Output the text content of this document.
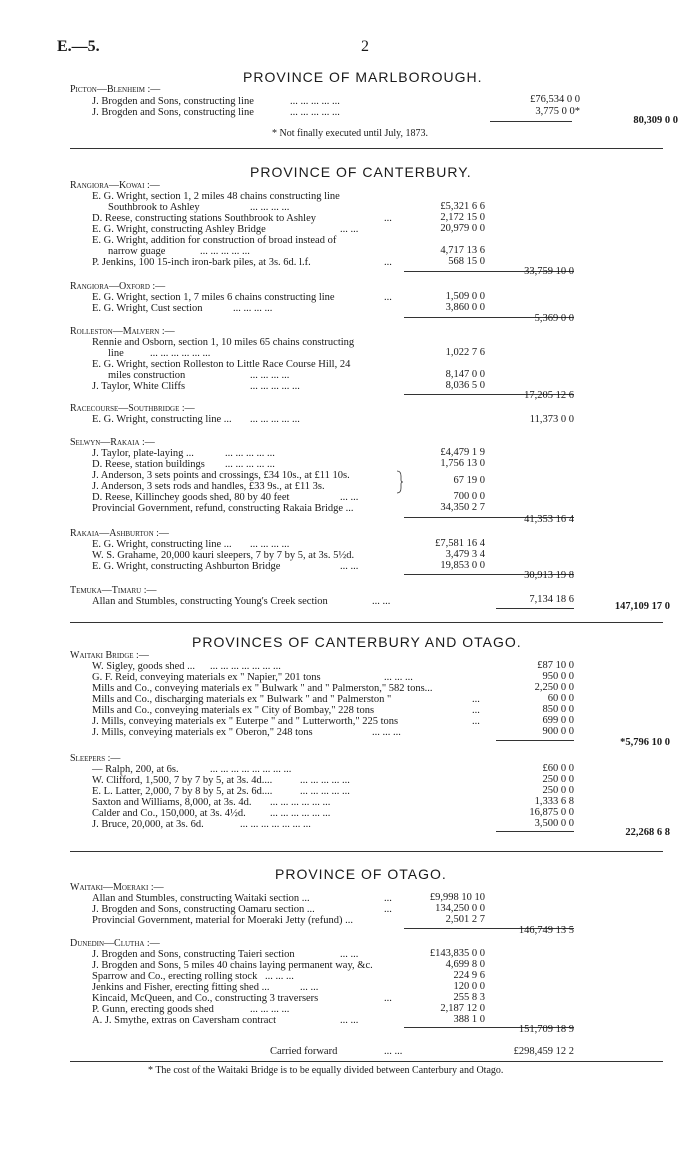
E.—5.	2
PROVINCE OF MARLBOROUGH.
Picton—Blenheim :—
J. Brogden and Sons, constructing line	... ... ... ... ...	£76,534 0 0
J. Brogden and Sons, constructing line	... ... ... ... ...	3,775 0 0*
80,309 0 0
* Not finally executed until July, 1873.
PROVINCE OF CANTERBURY.
Rangiora—Kowai :—
E. G. Wright, section 1, 2 miles 48 chains constructing line
Southbrook to Ashley	... ... ... ...	£5,321 6 6
D. Reese, constructing stations Southbrook to Ashley	...	2,172 15 0
E. G. Wright, constructing Ashley Bridge	... ...	20,979 0 0
E. G. Wright, addition for construction of broad instead of
narrow guage	... ... ... ... ...	4,717 13 6
P. Jenkins, 100 15-inch iron-bark piles, at 3s. 6d. l.f.	...	568 15 0
33,759 10 0
Rangiora—Oxford :—
E. G. Wright, section 1, 7 miles 6 chains constructing line	...	1,509 0 0
E. G. Wright, Cust section	... ... ... ...	3,860 0 0
5,369 0 0
Rolleston—Malvern :—
Rennie and Osborn, section 1, 10 miles 65 chains constructing
line	... ... ... ... ... ...	1,022 7 6
E. G. Wright, section Rolleston to Little Race Course Hill, 24
miles construction	... ... ... ...	8,147 0 0
J. Taylor, White Cliffs	... ... ... ... ...	8,036 5 0
17,205 12 6
Racecourse—Southbridge :—
E. G. Wright, constructing line ... ... ... ... ... ...	11,373 0 0
Selwyn—Rakaia :—
J. Taylor, plate-laying ...	... ... ... ... ...	£4,479 1 9
D. Reese, station buildings ... ... ... ... ...	1,756 13 0
J. Anderson, 3 sets points and crossings, £34 10s., at £11 10s.
J. Anderson, 3 sets rods and handles, £33 9s., at £11 3s.
67 19 0
D. Reese, Killinchey goods shed, 80 by 40 feet	... ...	700 0 0
Provincial Government, refund, constructing Rakaia Bridge ...	34,350 2 7
41,353 16 4
Rakaia—Ashburton :—
E. G. Wright, constructing line ... ... ... ... ...	£7,581 16 4
W. S. Grahame, 20,000 kauri sleepers, 7 by 7 by 5, at 3s. 5½d.	3,479 3 4
E. G. Wright, constructing Ashburton Bridge	... ...	19,853 0 0
30,913 19 8
Temuka—Timaru :—
Allan and Stumbles, constructing Young's Creek section	... ...	7,134 18 6
147,109 17 0
PROVINCES OF CANTERBURY AND OTAGO.
Waitaki Bridge :—
W. Sigley, goods shed ... ... ... ... ... ... ... ...	£87 10 0
G. F. Reid, conveying materials ex " Napier," 201 tons	... ... ...	950 0 0
Mills and Co., conveying materials ex " Bulwark " and " Palmerston," 582 tons...	2,250 0 0
Mills and Co., discharging materials ex " Bulwark " and " Palmerston "	...	60 0 0
Mills and Co., conveying materials ex " City of Bombay," 228 tons	...	850 0 0
J. Mills, conveying materials ex " Euterpe " and " Lutterworth," 225 tons	...	699 0 0
J. Mills, conveying materials ex " Oberon," 248 tons	... ... ...	900 0 0
*5,796 10 0
Sleepers :—
— Ralph, 200, at 6s.	... ... ... ... ... ... ... ...	£60 0 0
W. Clifford, 1,500, 7 by 7 by 5, at 3s. 4d....	... ... ... ... ...	250 0 0
E. L. Latter, 2,000, 7 by 8 by 5, at 2s. 6d....	... ... ... ... ...	250 0 0
Saxton and Williams, 8,000, at 3s. 4d. ... ... ... ... ... ...	1,333 6 8
Calder and Co., 150,000, at 3s. 4½d. ... ... ... ... ... ...	16,875 0 0
J. Bruce, 20,000, at 3s. 6d.	... ... ... ... ... ... ...	3,500 0 0
22,268 6 8
PROVINCE OF OTAGO.
Waitaki—Moeraki :—
Allan and Stumbles, constructing Waitaki section ...	...	£9,998 10 10
J. Brogden and Sons, constructing Oamaru section ...	...	134,250 0 0
Provincial Government, material for Moeraki Jetty (refund) ...	2,501 2 7
146,749 13 5
Dunedin—Clutha :—
J. Brogden and Sons, constructing Taieri section	... ...	£143,835 0 0
J. Brogden and Sons, 5 miles 40 chains laying permanent way, &c.	4,699 8 0
Sparrow and Co., erecting rolling stock ... ... ...	224 9 6
Jenkins and Fisher, erecting fitting shed ...	... ...	120 0 0
Kincaid, McQueen, and Co., constructing 3 traversers	...	255 8 3
P. Gunn, erecting goods shed	... ... ... ...	2,187 12 0
A. J. Smythe, extras on Caversham contract	... ...	388 1 0
151,709 18 9
Carried forward	... ...	£298,459 12 2
* The cost of the Waitaki Bridge is to be equally divided between Canterbury and Otago.
